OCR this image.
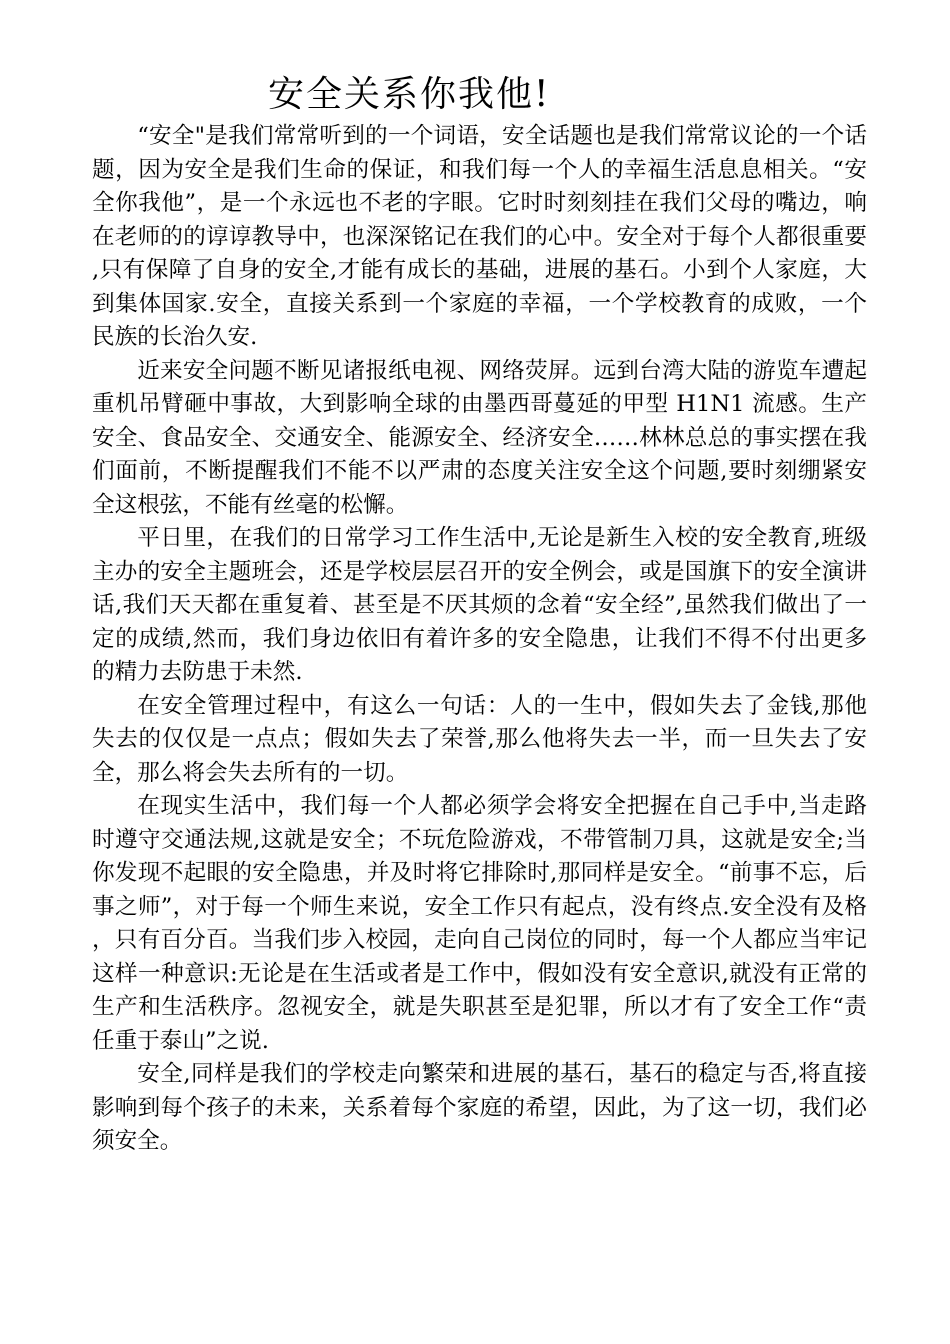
安全关系你我他!

“安全"是我们常常听到的一个词语，安全话题也是我们常常议论的一个话题，因为安全是我们生命的保证，和我们每一个人的幸福生活息息相关。“安全你我他”，是一个永远也不老的字眼。它时时刻刻挂在我们父母的嘴边，响在老师的的谆谆教导中，也深深铭记在我们的心中。安全对于每个人都很重要,只有保障了自身的安全,才能有成长的基础，进展的基石。小到个人家庭，大到集体国家.安全，直接关系到一个家庭的幸福，一个学校教育的成败，一个民族的长治久安.

近来安全问题不断见诸报纸电视、网络荧屏。远到台湾大陆的游览车遭起重机吊臂砸中事故，大到影响全球的由墨西哥蔓延的甲型 H1N1 流感。生产安全、食品安全、交通安全、能源安全、经济安全……林林总总的事实摆在我们面前，不断提醒我们不能不以严肃的态度关注安全这个问题,要时刻绷紧安全这根弦，不能有丝毫的松懈。

平日里，在我们的日常学习工作生活中,无论是新生入校的安全教育,班级主办的安全主题班会，还是学校层层召开的安全例会，或是国旗下的安全演讲话,我们天天都在重复着、甚至是不厌其烦的念着“安全经”,虽然我们做出了一定的成绩,然而，我们身边依旧有着许多的安全隐患，让我们不得不付出更多的精力去防患于未然.

在安全管理过程中，有这么一句话：人的一生中，假如失去了金钱,那他失去的仅仅是一点点；假如失去了荣誉,那么他将失去一半，而一旦失去了安全，那么将会失去所有的一切。

在现实生活中，我们每一个人都必须学会将安全把握在自己手中,当走路时遵守交通法规,这就是安全；不玩危险游戏，不带管制刀具，这就是安全;当你发现不起眼的安全隐患，并及时将它排除时,那同样是安全。“前事不忘，后事之师”，对于每一个师生来说，安全工作只有起点，没有终点.安全没有及格，只有百分百。当我们步入校园，走向自己岗位的同时，每一个人都应当牢记这样一种意识:无论是在生活或者是工作中，假如没有安全意识,就没有正常的生产和生活秩序。忽视安全，就是失职甚至是犯罪，所以才有了安全工作“责任重于泰山”之说.

安全,同样是我们的学校走向繁荣和进展的基石，基石的稳定与否,将直接影响到每个孩子的未来，关系着每个家庭的希望，因此，为了这一切，我们必须安全。
